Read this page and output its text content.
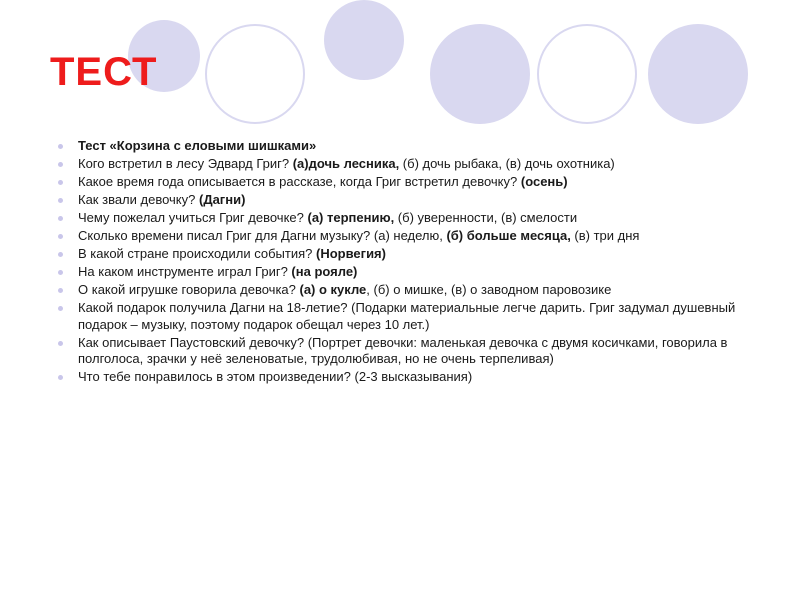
ТЕСТ
Тест «Корзина с еловыми шишками»
Кого встретил в лесу Эдвард Григ? (а)дочь лесника, (б) дочь рыбака, (в) дочь охотника)
Какое время года описывается в рассказе, когда Григ встретил девочку? (осень)
Как звали девочку? (Дагни)
Чему пожелал учиться Григ девочке? (а) терпению, (б) уверенности, (в) смелости
Сколько времени писал Григ для Дагни музыку? (а) неделю, (б) больше месяца, (в) три дня
В какой стране происходили события? (Норвегия)
На каком инструменте играл Григ? (на рояле)
О какой игрушке говорила девочка? (а) о кукле, (б) о мишке, (в) о заводном паровозике
Какой подарок получила Дагни на 18-летие? (Подарки материальные легче дарить. Григ задумал душевный подарок – музыку, поэтому подарок обещал через 10 лет.)
Как описывает Паустовский девочку? (Портрет девочки: маленькая девочка с двумя косичками, говорила в полголоса, зрачки у неё зеленоватые, трудолюбивая, но не очень терпеливая)
Что тебе понравилось в этом произведении? (2-3 высказывания)
